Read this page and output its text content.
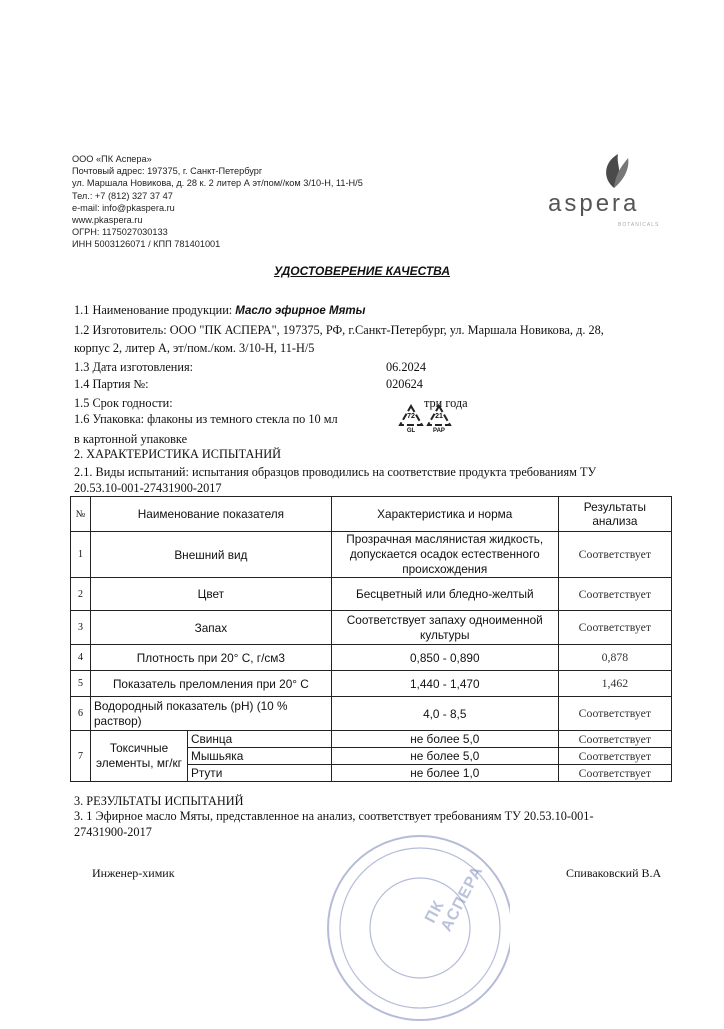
ООО «ПК Аспера»
Почтовый адрес: 197375, г. Санкт-Петербург
ул. Маршала Новикова, д. 28 к. 2 литер А эт/пом//ком 3/10-Н, 11-Н/5
Тел.: +7 (812) 327 37 47
e-mail: info@pkaspera.ru
www.pkaspera.ru
ОГРН: 1175027030133
ИНН 5003126071 / КПП 781401001
aspera
BOTANICALS
УДОСТОВЕРЕНИЕ КАЧЕСТВА
1.1 Наименование продукции: Масло эфирное Мяты
1.2 Изготовитель: ООО "ПК АСПЕРА", 197375, РФ, г.Санкт-Петербург, ул. Маршала Новикова, д. 28,
корпус 2, литер А, эт/пом./ком. 3/10-Н, 11-Н/5
1.3 Дата изготовления:	06.2024
1.4 Партия №:	020624
1.5 Срок годности:	три года
1.6 Упаковка: флаконы из темного стекла по 10 мл
в картонной упаковке
72
GL
21
PAP
2. ХАРАКТЕРИСТИКА ИСПЫТАНИЙ
2.1. Виды испытаний: испытания образцов проводились на соответствие продукта требованиям ТУ
20.53.10-001-27431900-2017
№	Наименование показателя		Характеристика и норма	Результаты анализа
1	Внешний вид		Прозрачная маслянистая жидкость, допускается осадок естественного происхождения	Соответствует
2	Цвет		Бесцветный или бледно-желтый	Соответствует
3	Запах		Соответствует запаху одноименной культуры	Соответствует
4	Плотность при 20° С, г/см3		0,850 - 0,890	0,878
5	Показатель преломления при 20° С		1,440 - 1,470	1,462
6	Водородный показатель (рН) (10 % раствор)		4,0 - 8,5	Соответствует
7	Токсичные элементы, мг/кг	Свинца	не более 5,0	Соответствует
		Мышьяка	не более 5,0	Соответствует
		Ртути	не более 1,0	Соответствует
3. РЕЗУЛЬТАТЫ ИСПЫТАНИЙ
3. 1 Эфирное масло Мяты, представленное на анализ, соответствует требованиям ТУ 20.53.10-001-
27431900-2017
ПК АСПЕРА
Инженер-химик	Спиваковский В.А
